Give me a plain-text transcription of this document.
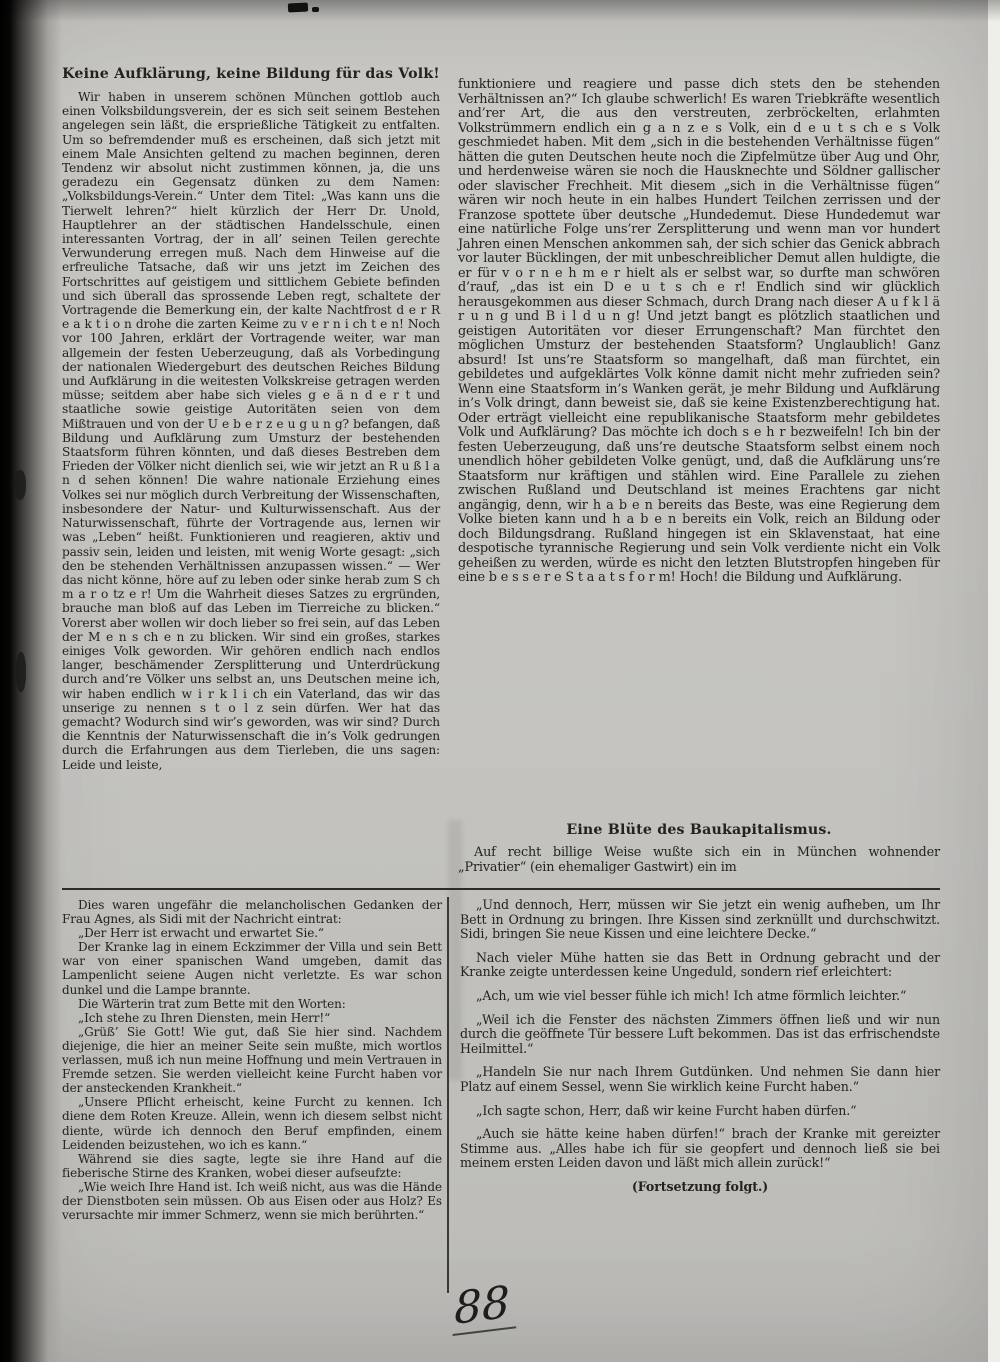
Keine Aufklärung, keine Bildung für das Volk!
Wir haben in unserem schönen München gottlob auch einen Volksbildungsverein, der es sich seit seinem Bestehen angelegen sein läßt, die ersprießliche Tätigkeit zu entfalten. Um so befremdender muß es erscheinen, daß sich jetzt mit einem Male Ansichten geltend zu machen beginnen, deren Tendenz wir absolut nicht zustimmen können, ja, die uns geradezu ein Gegensatz dünken zu dem Namen: „Volksbildungs-Verein.“ Unter dem Titel: „Was kann uns die Tierwelt lehren?“ hielt kürzlich der Herr Dr. Unold, Hauptlehrer an der städtischen Handelsschule, einen interessanten Vortrag, der in all’ seinen Teilen gerechte Verwunderung erregen muß. Nach dem Hinweise auf die erfreuliche Tatsache, daß wir uns jetzt im Zeichen des Fortschrittes auf geistigem und sittlichem Gebiete befinden und sich überall das sprossende Leben regt, schaltete der Vortragende die Bemerkung ein, der kalte Nachtfrost d e r R e a k t i o n drohe die zarten Keime zu v e r n i ch t e n! Noch vor 100 Jahren, erklärt der Vortragende weiter, war man allgemein der festen Ueberzeugung, daß als Vorbedingung der nationalen Wiedergeburt des deutschen Reiches Bildung und Aufklärung in die weitesten Volkskreise getragen werden müsse; seitdem aber habe sich vieles g e ä n d e r t und staatliche sowie geistige Autoritäten seien von dem Mißtrauen und von der U e b e r z e u g u n g? befangen, daß Bildung und Aufklärung zum Umsturz der bestehenden Staatsform führen könnten, und daß dieses Bestreben dem Frieden der Völker nicht dienlich sei, wie wir jetzt an R u ß l a n d sehen können! Die wahre nationale Erziehung eines Volkes sei nur möglich durch Verbreitung der Wissenschaften, insbesondere der Natur- und Kulturwissenschaft. Aus der Naturwissenschaft, führte der Vortragende aus, lernen wir was „Leben“ heißt. Funktionieren und reagieren, aktiv und passiv sein, leiden und leisten, mit wenig Worte gesagt: „sich den be stehenden Verhältnissen anzupassen wissen.“ — Wer das nicht könne, höre auf zu leben oder sinke herab zum S ch m a r o tz e r! Um die Wahrheit dieses Satzes zu ergründen, brauche man bloß auf das Leben im Tierreiche zu blicken.“ Vorerst aber wollen wir doch lieber so frei sein, auf das Leben der M e n s ch e n zu blicken. Wir sind ein großes, starkes einiges Volk geworden. Wir gehören endlich nach endlos langer, beschämender Zersplitterung und Unterdrückung durch and’re Völker uns selbst an, uns Deutschen meine ich, wir haben endlich w i r k l i ch ein Vaterland, das wir das unserige zu nennen s t o l z sein dürfen. Wer hat das gemacht? Wodurch sind wir’s geworden, was wir sind? Durch die Kenntnis der Naturwissenschaft die in’s Volk gedrungen durch die Erfahrungen aus dem Tierleben, die uns sagen: Leide und leiste,
funktioniere und reagiere und passe dich stets den be stehenden Verhältnissen an?“ Ich glaube schwerlich! Es waren Triebkräfte wesentlich and’rer Art, die aus den verstreuten, zerbröckelten, erlahmten Volkstrümmern endlich ein g a n z e s Volk, ein d e u t s ch e s Volk geschmiedet haben. Mit dem „sich in die bestehenden Verhältnisse fügen“ hätten die guten Deutschen heute noch die Zipfelmütze über Aug und Ohr, und herdenweise wären sie noch die Hausknechte und Söldner gallischer oder slavischer Frechheit. Mit diesem „sich in die Verhältnisse fügen“ wären wir noch heute in ein halbes Hundert Teilchen zerrissen und der Franzose spottete über deutsche „Hundedemut. Diese Hundedemut war eine natürliche Folge uns’rer Zersplitterung und wenn man vor hundert Jahren einen Menschen ankommen sah, der sich schier das Genick abbrach vor lauter Bücklingen, der mit unbeschreiblicher Demut allen huldigte, die er für v o r n e h m e r hielt als er selbst war, so durfte man schwören d’rauf, „das ist ein D e u t s ch e r! Endlich sind wir glücklich herausgekommen aus dieser Schmach, durch Drang nach dieser A u f k l ä r u n g und B i l d u n g! Und jetzt bangt es plötzlich staatlichen und geistigen Autoritäten vor dieser Errungenschaft? Man fürchtet den möglichen Umsturz der bestehenden Staatsform? Unglaublich! Ganz absurd! Ist uns’re Staatsform so mangelhaft, daß man fürchtet, ein gebildetes und aufgeklärtes Volk könne damit nicht mehr zufrieden sein? Wenn eine Staatsform in’s Wanken gerät, je mehr Bildung und Aufklärung in’s Volk dringt, dann beweist sie, daß sie keine Existenzberechtigung hat. Oder erträgt vielleicht eine republikanische Staatsform mehr gebildetes Volk und Aufklärung? Das möchte ich doch s e h r bezweifeln! Ich bin der festen Ueberzeugung, daß uns’re deutsche Staatsform selbst einem noch unendlich höher gebildeten Volke genügt, und, daß die Aufklärung uns’re Staatsform nur kräftigen und stählen wird. Eine Parallele zu ziehen zwischen Rußland und Deutschland ist meines Erachtens gar nicht angängig, denn, wir h a b e n bereits das Beste, was eine Regierung dem Volke bieten kann und h a b e n bereits ein Volk, reich an Bildung oder doch Bildungsdrang. Rußland hingegen ist ein Sklavenstaat, hat eine despotische tyrannische Regierung und sein Volk verdiente nicht ein Volk geheißen zu werden, würde es nicht den letzten Blutstropfen hingeben für eine b e s s e r e S t a a t s f o r m! Hoch! die Bildung und Aufklärung.
Eine Blüte des Baukapitalismus.
Auf recht billige Weise wußte sich ein in München wohnender „Privatier“ (ein ehemaliger Gastwirt) ein im

Dies waren ungefähr die melancholischen Gedanken der Frau Agnes, als Sidi mit der Nachricht eintrat:

„Der Herr ist erwacht und erwartet Sie.“

Der Kranke lag in einem Eckzimmer der Villa und sein Bett war von einer spanischen Wand umgeben, damit das Lampenlicht seiene Augen nicht verletzte. Es war schon dunkel und die Lampe brannte.

Die Wärterin trat zum Bette mit den Worten:

„Ich stehe zu Ihren Diensten, mein Herr!“

„Grüß’ Sie Gott! Wie gut, daß Sie hier sind. Nachdem diejenige, die hier an meiner Seite sein mußte, mich wortlos verlassen, muß ich nun meine Hoffnung und mein Vertrauen in Fremde setzen. Sie werden vielleicht keine Furcht haben vor der ansteckenden Krankheit.“

„Unsere Pflicht erheischt, keine Furcht zu kennen. Ich diene dem Roten Kreuze. Allein, wenn ich diesem selbst nicht diente, würde ich dennoch den Beruf empfinden, einem Leidenden beizustehen, wo ich es kann.“

Während sie dies sagte, legte sie ihre Hand auf die fieberische Stirne des Kranken, wobei dieser aufseufzte:

„Wie weich Ihre Hand ist. Ich weiß nicht, aus was die Hände der Dienstboten sein müssen. Ob aus Eisen oder aus Holz? Es verursachte mir immer Schmerz, wenn sie mich berührten.“

„Und dennoch, Herr, müssen wir Sie jetzt ein wenig aufheben, um Ihr Bett in Ordnung zu bringen. Ihre Kissen sind zerknüllt und durchschwitzt. Sidi, bringen Sie neue Kissen und eine leichtere Decke.“

Nach vieler Mühe hatten sie das Bett in Ordnung gebracht und der Kranke zeigte unterdessen keine Ungeduld, sondern rief erleichtert:

„Ach, um wie viel besser fühle ich mich! Ich atme förmlich leichter.“

„Weil ich die Fenster des nächsten Zimmers öffnen ließ und wir nun durch die geöffnete Tür bessere Luft bekommen. Das ist das erfrischendste Heilmittel.“

„Handeln Sie nur nach Ihrem Gutdünken. Und nehmen Sie dann hier Platz auf einem Sessel, wenn Sie wirklich keine Furcht haben.“

„Ich sagte schon, Herr, daß wir keine Furcht haben dürfen.“

„Auch sie hätte keine haben dürfen!“ brach der Kranke mit gereizter Stimme aus. „Alles habe ich für sie geopfert und dennoch ließ sie bei meinem ersten Leiden davon und läßt mich allein zurück!“

(Fortsetzung folgt.)

88
